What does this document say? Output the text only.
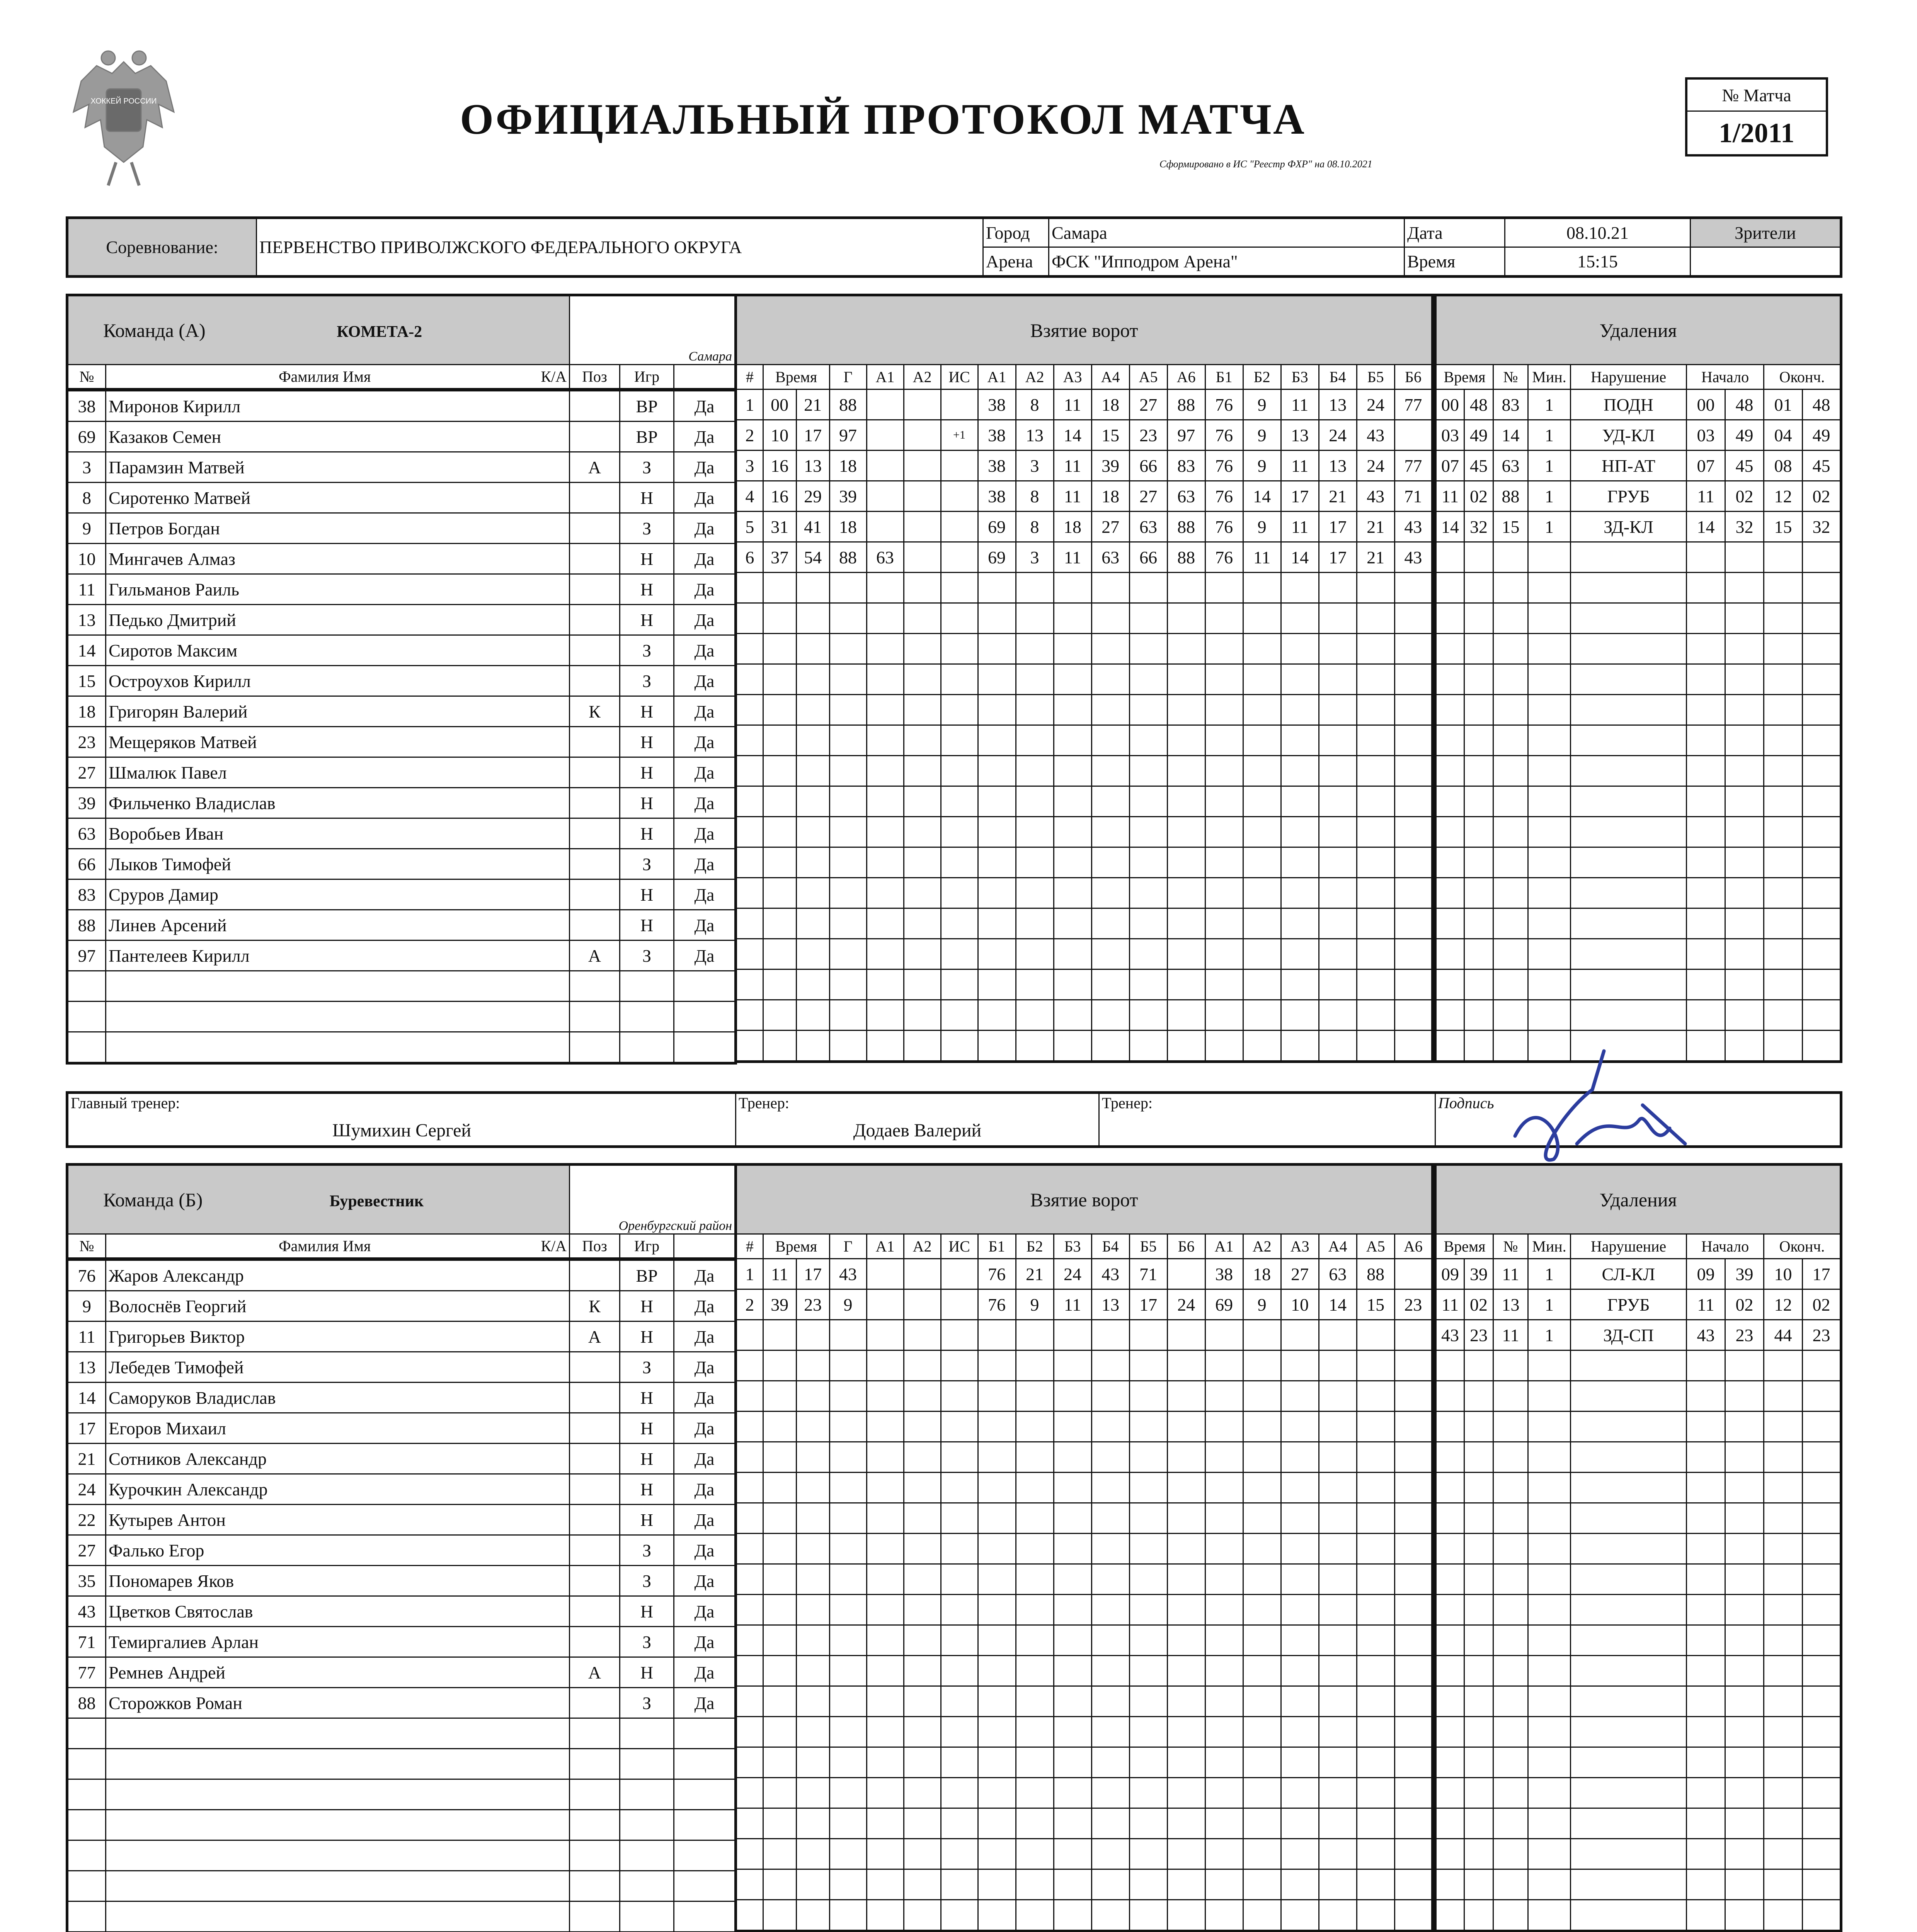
ХОККЕЙ РОССИИ	ОФИЦИАЛЬНЫЙ ПРОТОКОЛ МАТЧА
Сформировано в ИС "Реестр ФХР" на 08.10.2021
№ Матча
1/2011
Соревнование:	ПЕРВЕНСТВО ПРИВОЛЖСКОГО ФЕДЕРАЛЬНОГО ОКРУГА	Город	Самара	Дата	08.10.21	Зрители
		Арена	ФСК "Ипподром Арена"	Время	15:15	
Команда (А) КОМЕТА-2		Самара		
№	Фамилия Имя К/А	Поз	Игр	
38	Миронов Кирилл		ВР	Да
69	Казаков Семен		ВР	Да
3	Парамзин Матвей	А	З	Да
8	Сиротенко Матвей		Н	Да
9	Петров Богдан		З	Да
10	Мингачев Алмаз		Н	Да
11	Гильманов Раиль		Н	Да
13	Педько Дмитрий		Н	Да
14	Сиротов Максим		З	Да
15	Остроухов Кирилл		З	Да
18	Григорян Валерий	К	Н	Да
23	Мещеряков Матвей		Н	Да
27	Шмалюк Павел		Н	Да
39	Фильченко Владислав		Н	Да
63	Воробьев Иван		Н	Да
66	Лыков Тимофей		З	Да
83	Сруров Дамир		Н	Да
88	Линев Арсений		Н	Да
97	Пантелеев Кирилл	А	З	Да

Взятие ворот																		
#	Время		Г	А1	А2	ИС	А1	А2	А3	А4	А5	А6	Б1	Б2	Б3	Б4	Б5	Б6
1	00	21	88				38	8	11	18	27	88	76	9	11	13	24	77
2	10	17	97			+1	38	13	14	15	23	97	76	9	13	24	43	
3	16	13	18				38	3	11	39	66	83	76	9	11	13	24	77
4	16	29	39				38	8	11	18	27	63	76	14	17	21	43	71
5	31	41	18				69	8	18	27	63	88	76	9	11	17	21	43
6	37	54	88	63			69	3	11	63	66	88	76	11	14	17	21	43

Удаления								
Время		№	Мин.	Нарушение	Начало		Оконч.	
00	48	83	1	ПОДН	00	48	01	48
03	49	14	1	УД-КЛ	03	49	04	49
07	45	63	1	НП-АТ	07	45	08	45
11	02	88	1	ГРУБ	11	02	12	02
14	32	15	1	ЗД-КЛ	14	32	15	32

Главный тренер:
Шумихин Сергей

Тренер:
Додаев Валерий

Тренер:	Подпись
Команда (Б) Буревестник		Оренбургский район		
№	Фамилия Имя К/А	Поз	Игр	
76	Жаров Александр		ВР	Да
9	Волоснёв Георгий	К	Н	Да
11	Григорьев Виктор	А	Н	Да
13	Лебедев Тимофей		З	Да
14	Саморуков Владислав		Н	Да
17	Егоров Михаил		Н	Да
21	Сотников Александр		Н	Да
24	Курочкин Александр		Н	Да
22	Кутырев Антон		Н	Да
27	Фалько Егор		З	Да
35	Пономарев Яков		З	Да
43	Цветков Святослав		Н	Да
71	Темиргалиев Арлан		З	Да
77	Ремнев Андрей	А	Н	Да
88	Сторожков Роман		З	Да

Взятие ворот																		
#	Время		Г	А1	А2	ИС	Б1	Б2	Б3	Б4	Б5	Б6	А1	А2	А3	А4	А5	А6
1	11	17	43				76	21	24	43	71		38	18	27	63	88	
2	39	23	9				76	9	11	13	17	24	69	9	10	14	15	23

Удаления								
Время		№	Мин.	Нарушение	Начало		Оконч.	
09	39	11	1	СЛ-КЛ	09	39	10	17
11	02	13	1	ГРУБ	11	02	12	02
43	23	11	1	ЗД-СП	43	23	44	23
